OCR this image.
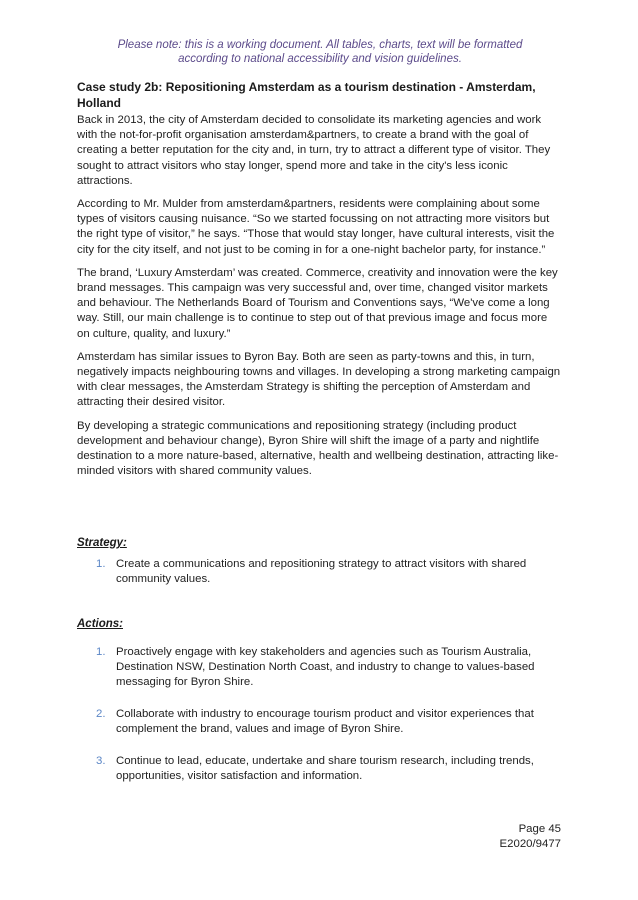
Please note: this is a working document. All tables, charts, text will be formatted
according to national accessibility and vision guidelines.
Case study 2b: Repositioning Amsterdam as a tourism destination - Amsterdam,
Holland

Back in 2013, the city of Amsterdam decided to consolidate its marketing agencies and work with the not-for-profit organisation amsterdam&partners, to create a brand with the goal of creating a better reputation for the city and, in turn, try to attract a different type of visitor. They sought to attract visitors who stay longer, spend more and take in the city's less iconic attractions.

According to Mr. Mulder from amsterdam&partners, residents were complaining about some types of visitors causing nuisance. “So we started focussing on not attracting more visitors but the right type of visitor,” he says. “Those that would stay longer, have cultural interests, visit the city for the city itself, and not just to be coming in for a one-night bachelor party, for instance.”

The brand, ‘Luxury Amsterdam’ was created. Commerce, creativity and innovation were the key brand messages. This campaign was very successful and, over time, changed visitor markets and behaviour. The Netherlands Board of Tourism and Conventions says, “We've come a long way. Still, our main challenge is to continue to step out of that previous image and focus more on culture, quality, and luxury.”

Amsterdam has similar issues to Byron Bay. Both are seen as party-towns and this, in turn, negatively impacts neighbouring towns and villages. In developing a strong marketing campaign with clear messages, the Amsterdam Strategy is shifting the perception of Amsterdam and attracting their desired visitor.

By developing a strategic communications and repositioning strategy (including product development and behaviour change), Byron Shire will shift the image of a party and nightlife destination to a more nature-based, alternative, health and wellbeing destination, attracting like-minded visitors with shared community values.

Strategy:
1. Create a communications and repositioning strategy to attract visitors with shared community values.
Actions:
1. Proactively engage with key stakeholders and agencies such as Tourism Australia, Destination NSW, Destination North Coast, and industry to change to values-based messaging for Byron Shire.
2. Collaborate with industry to encourage tourism product and visitor experiences that complement the brand, values and image of Byron Shire.
3. Continue to lead, educate, undertake and share tourism research, including trends, opportunities, visitor satisfaction and information.
Page 45
E2020/9477
